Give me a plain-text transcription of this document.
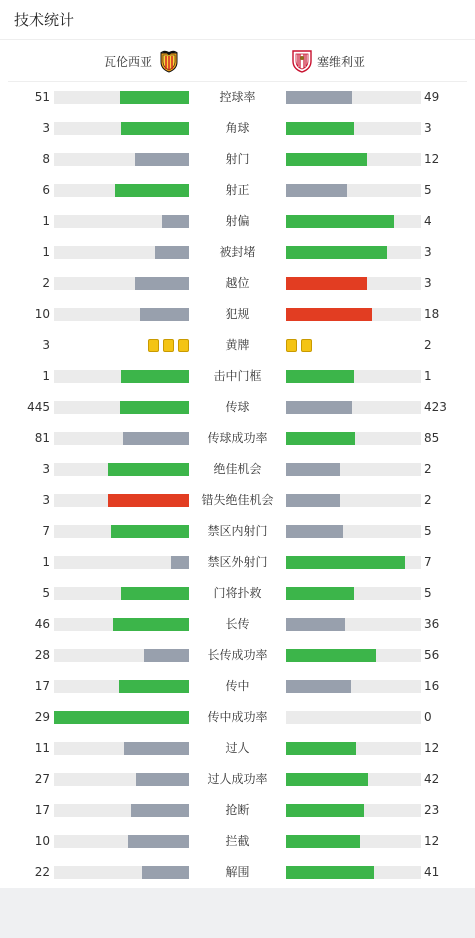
技术统计
瓦伦西亚	塞维利亚
51	控球率	49
3	角球	3
8	射门	12
6	射正	5
1	射偏	4
1	被封堵	3
2	越位	3
10	犯规	18
3	黄牌	2
1	击中门框	1
445	传球	423
81	传球成功率	85
3	绝佳机会	2
3	错失绝佳机会	2
7	禁区内射门	5
1	禁区外射门	7
5	门将扑救	5
46	长传	36
28	长传成功率	56
17	传中	16
29	传中成功率	0
11	过人	12
27	过人成功率	42
17	抢断	23
10	拦截	12
22	解围	41
